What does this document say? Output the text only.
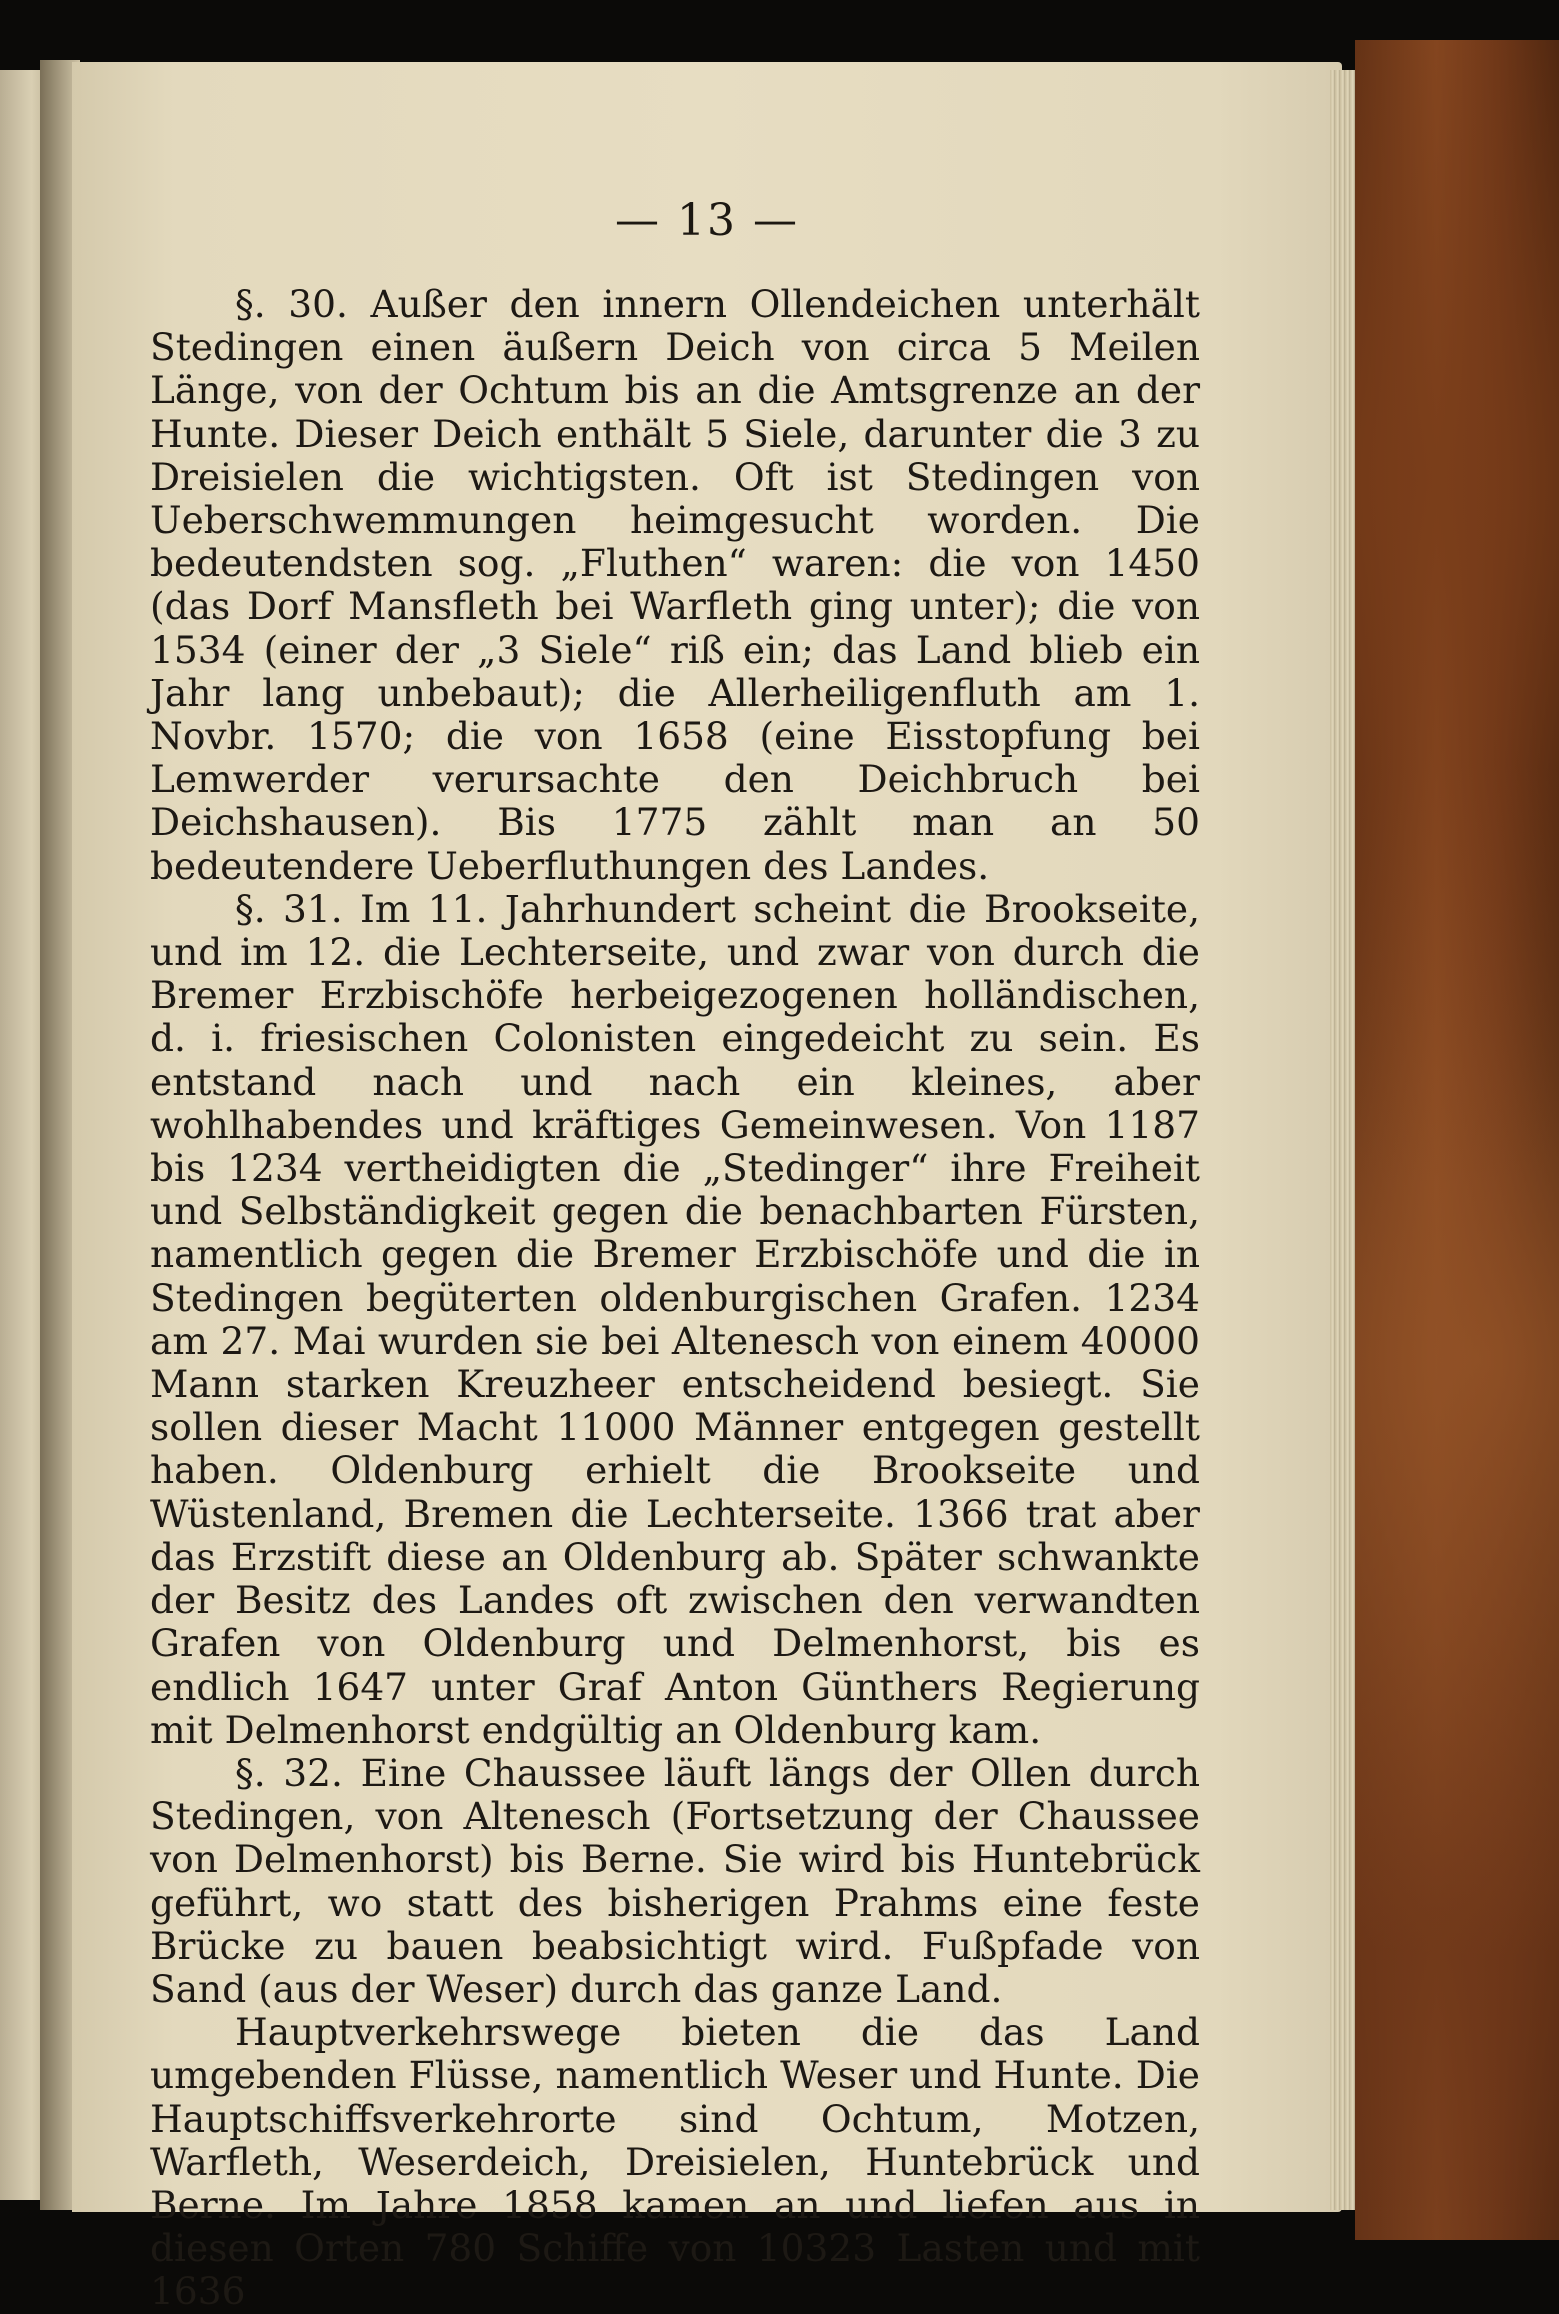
— 13 —

§. 30. Außer den innern Ollendeichen unterhält Stedingen einen äußern Deich von circa 5 Meilen Länge, von der Ochtum bis an die Amtsgrenze an der Hunte. Dieser Deich enthält 5 Siele, darunter die 3 zu Dreisielen die wichtigsten. Oft ist Stedingen von Ueberschwemmungen heimgesucht worden. Die bedeutendsten sog. „Fluthen“ waren: die von 1450 (das Dorf Mansfleth bei Warfleth ging unter); die von 1534 (einer der „3 Siele“ riß ein; das Land blieb ein Jahr lang unbebaut); die Allerheiligenfluth am 1. Novbr. 1570; die von 1658 (eine Eisstopfung bei Lemwerder verursachte den Deichbruch bei Deichshausen). Bis 1775 zählt man an 50 bedeutendere Ueberfluthungen des Landes.

§. 31. Im 11. Jahrhundert scheint die Brookseite, und im 12. die Lechterseite, und zwar von durch die Bremer Erzbischöfe herbeigezogenen holländischen, d. i. friesischen Colonisten eingedeicht zu sein. Es entstand nach und nach ein kleines, aber wohlhabendes und kräftiges Gemeinwesen. Von 1187 bis 1234 vertheidigten die „Stedinger“ ihre Freiheit und Selbständigkeit gegen die benachbarten Fürsten, namentlich gegen die Bremer Erzbischöfe und die in Stedingen begüterten oldenburgischen Grafen. 1234 am 27. Mai wurden sie bei Altenesch von einem 40000 Mann starken Kreuzheer entscheidend besiegt. Sie sollen dieser Macht 11000 Männer entgegen gestellt haben. Oldenburg erhielt die Brookseite und Wüstenland, Bremen die Lechterseite. 1366 trat aber das Erzstift diese an Oldenburg ab. Später schwankte der Besitz des Landes oft zwischen den verwandten Grafen von Oldenburg und Delmenhorst, bis es endlich 1647 unter Graf Anton Günthers Regierung mit Delmenhorst endgültig an Oldenburg kam.

§. 32. Eine Chaussee läuft längs der Ollen durch Stedingen, von Altenesch (Fortsetzung der Chaussee von Delmenhorst) bis Berne. Sie wird bis Huntebrück geführt, wo statt des bisherigen Prahms eine feste Brücke zu bauen beabsichtigt wird. Fußpfade von Sand (aus der Weser) durch das ganze Land.

Hauptverkehrswege bieten die das Land umgebenden Flüsse, namentlich Weser und Hunte. Die Hauptschiffsverkehrorte sind Ochtum, Motzen, Warfleth, Weserdeich, Dreisielen, Huntebrück und Berne. Im Jahre 1858 kamen an und liefen aus in diesen Orten 780 Schiffe von 10323 Lasten und mit 1636
